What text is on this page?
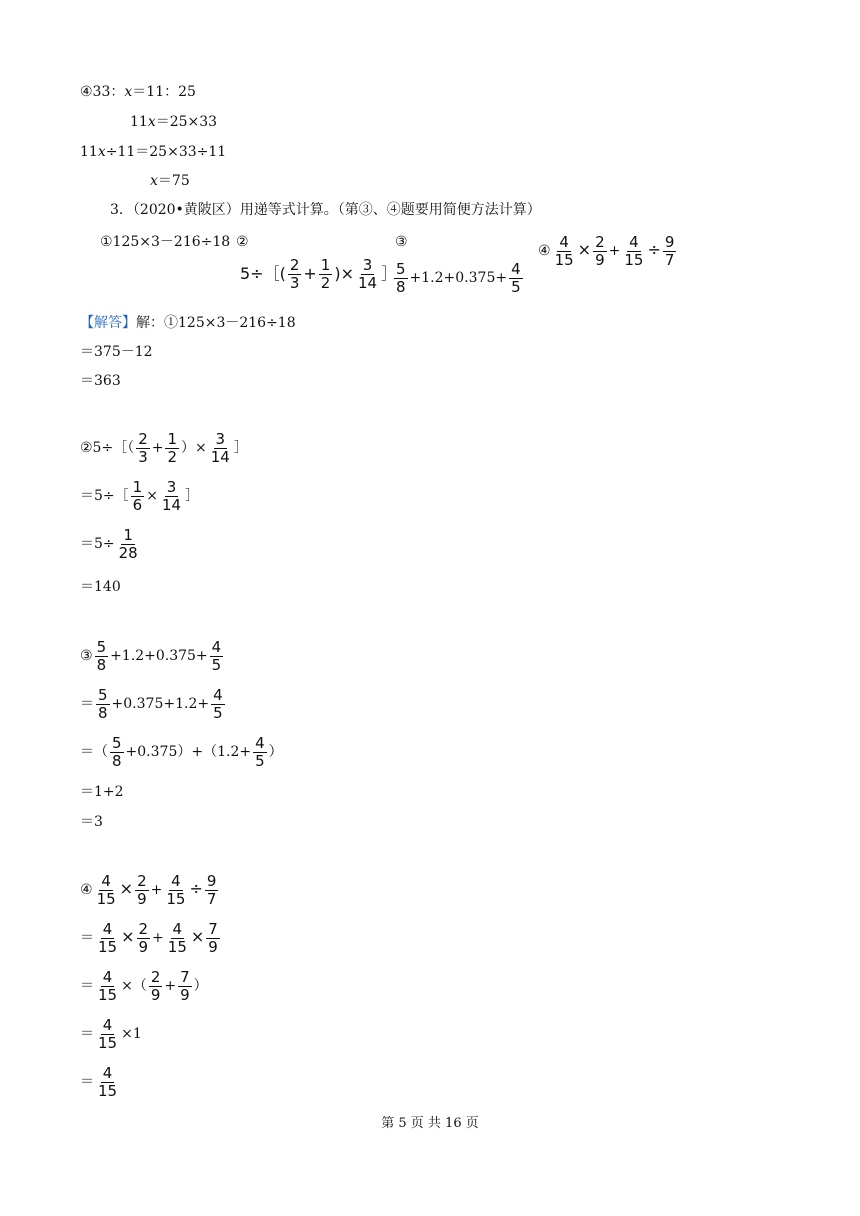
④33：x＝11：25
11x＝25×33
11x÷11＝25×33÷11
x＝75
3．（2020•黄陂区）用递等式计算。（第③、④题要用简便方法计算）
①125×3－216÷18 ②	③
5÷［( $\frac{2}{3} + \frac{1}{2}$ )× $\frac{3}{14}$ ］
$\frac{5}{8} +1.2+0.375+ \frac{4}{5}$
④ $\frac{4}{15} \times \frac{2}{9} + \frac{4}{15} \div \frac{9}{7}$
【解答】解：①125×3－216÷18
＝375－12
＝363
②5÷［（ $\frac{2}{3} + \frac{1}{2}$ ）× $\frac{3}{14}$ ］
＝5÷［ $\frac{1}{6} \times \frac{3}{14}$ ］
$=5\div \frac{1}{28}$
＝140
③ $\frac{5}{8} +1.2+0.375+ \frac{4}{5}$
＝ $\frac{5}{8} +0.375+1.2+ \frac{4}{5}$
＝（ $\frac{5}{8} +0.375)+(1.2+ \frac{4}{5}$ ）
＝1+2
＝3
④ $\frac{4}{15} \times \frac{2}{9} + \frac{4}{15} \div \frac{9}{7}$
＝ $\frac{4}{15} \times \frac{2}{9} + \frac{4}{15} \times \frac{7}{9}$
＝ $\frac{4}{15}$ ×（ $\frac{2}{9} + \frac{7}{9}$ ）
＝ $\frac{4}{15} \times 1$
＝ $\frac{4}{15}$
第 5 页 共 16 页
